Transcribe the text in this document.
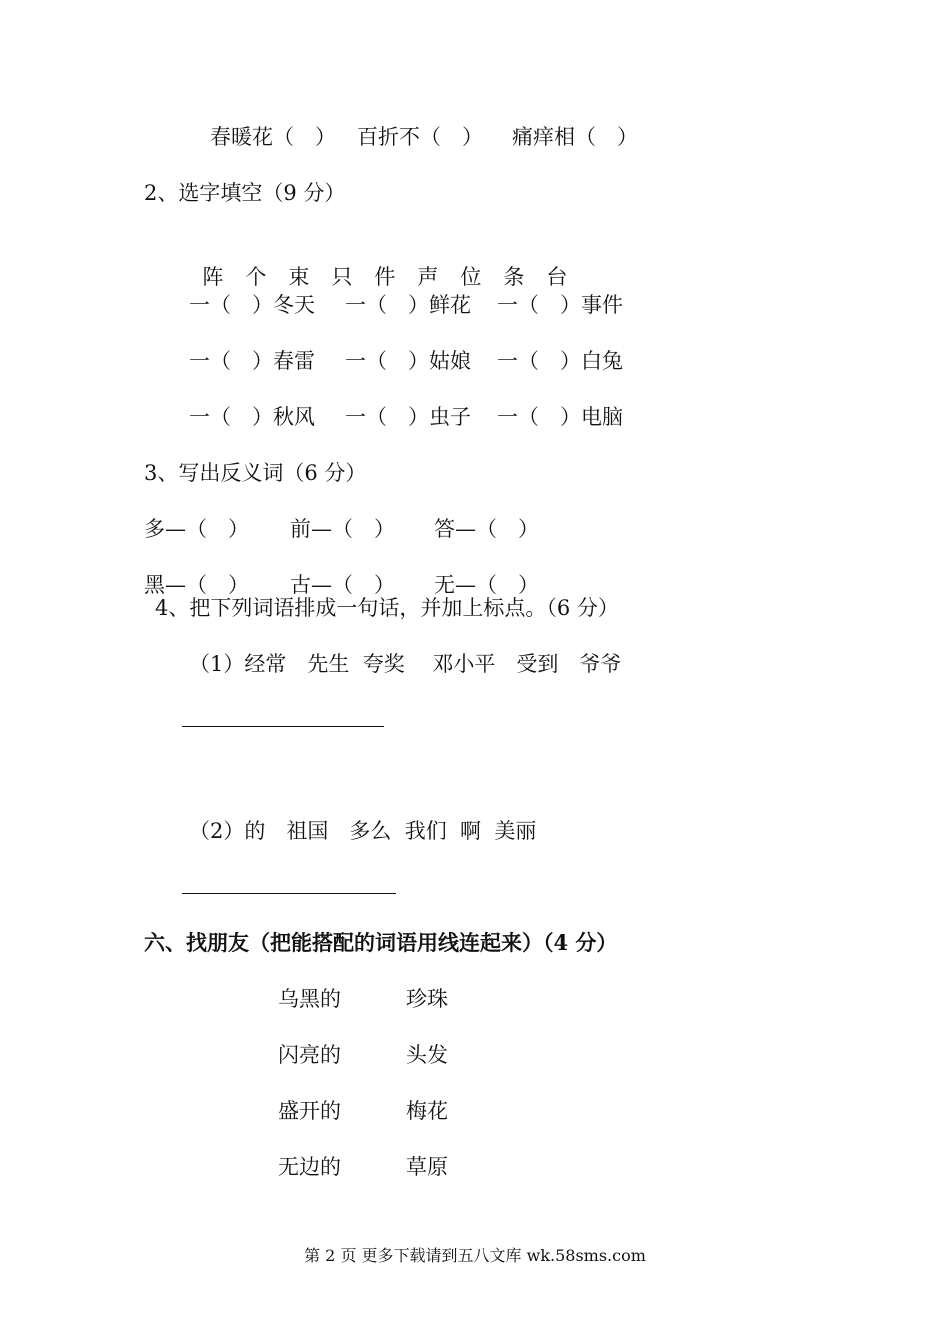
春暖花（　） 百折不（　） 痛痒相（　）
2、选字填空（9 分）

阵 个 束 只 件 声 位 条 台

一（　）冬天 一（　）鲜花 一（　）事件
一（　）春雷 一（　）姑娘 一（　）白兔
一（　）秋风 一（　）虫子 一（　）电脑
3、写出反义词（6 分）
多—（　） 前—（　） 答—（　）
黑—（　） 古—（　） 无—（　）
4、把下列词语排成一句话，并加上标点。（6 分）
（1）经常　先生  夸奖　 邓小平　受到　爷爷
（2）的　祖国　多么  我们  啊  美丽
六、找朋友（把能搭配的词语用线连起来）（4 分）
乌黑的	珍珠
闪亮的	头发
盛开的	梅花
无边的	草原
第 2 页 更多下载请到五八文库 wk.58sms.com
